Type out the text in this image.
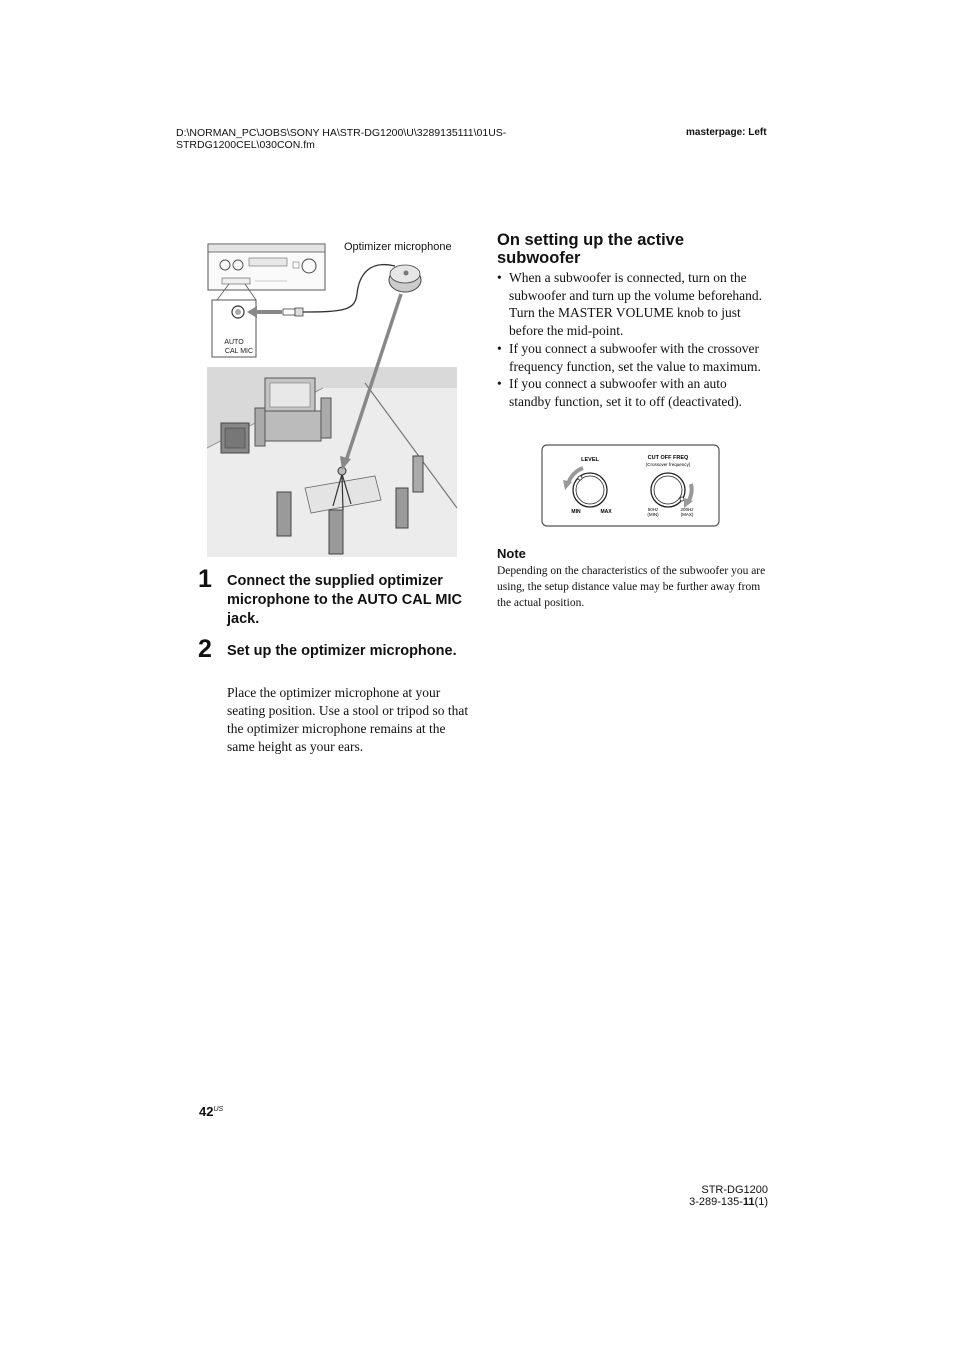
D:\NORMAN_PC\JOBS\SONY HA\STR-DG1200\U\3289135111\01US-
STRDG1200CEL\030CON.fm
masterpage: Left
AUTO
CAL MIC
Optimizer microphone
1 Connect the supplied optimizer microphone to the AUTO CAL MIC jack.
2 Set up the optimizer microphone.
Place the optimizer microphone at your seating position. Use a stool or tripod so that the optimizer microphone remains at the same height as your ears.
On setting up the active subwoofer
• When a subwoofer is connected, turn on the subwoofer and turn up the volume beforehand. Turn the MASTER VOLUME knob to just before the mid-point.
• If you connect a subwoofer with the crossover frequency function, set the value to maximum.
• If you connect a subwoofer with an auto standby function, set it to off (deactivated).
LEVEL
MIN	MAX
CUT OFF FREQ
(Crossover frequency)
50Hz
(MIN)
200Hz
(MAX)
Note
Depending on the characteristics of the subwoofer you are using, the setup distance value may be further away from the actual position.
$42^{US}$
STR-DG1200
3-289-135-11(1)
